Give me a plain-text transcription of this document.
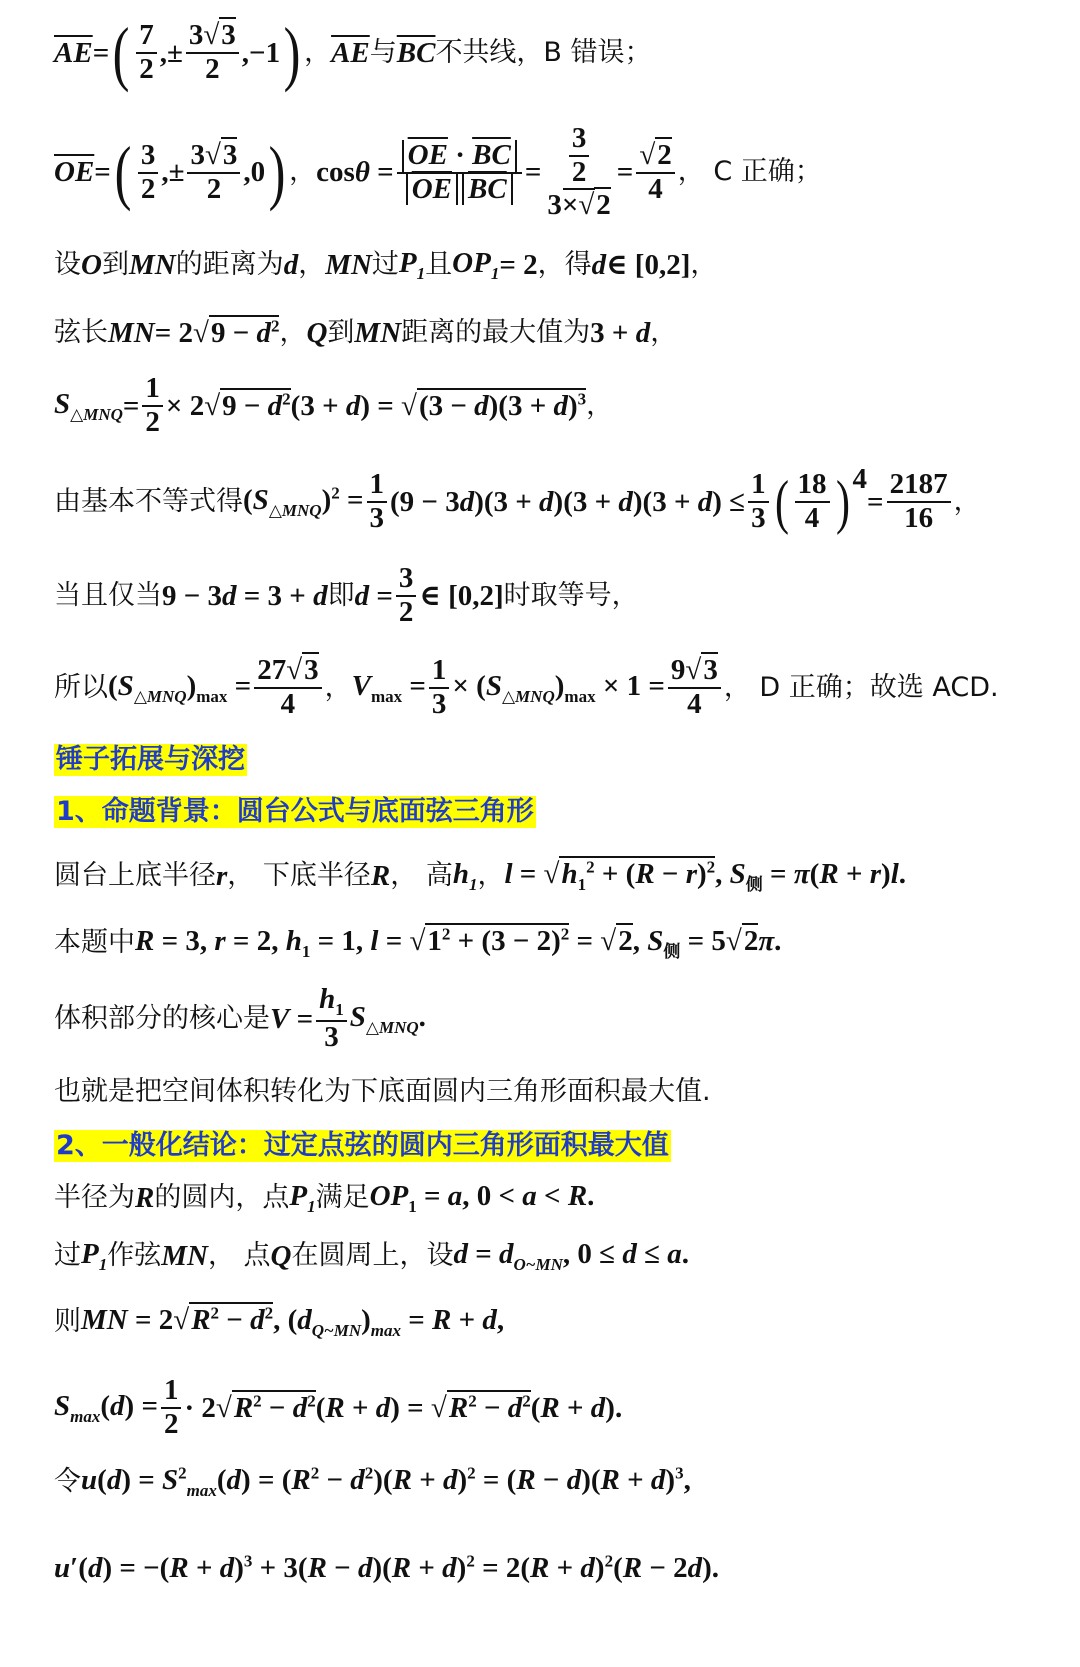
$\overline{AE}$ = ( $\frac{7}{2}$ ,± $\frac{3√3}{2} ,-1$ ) ， $\overline{AE}$ 与 $\overline{BC}$ 不共线，B 错误；
$\overline{OE}$ = ( $\frac{3}{2}$ ,± $\frac{3√3}{2} ,0$ ) ， $\cos\theta = \frac{\overline{OE} \cdot \overline{BC}}{\overline{OE} \overline{BC}} = \frac{\frac{3}{2}}{3\times√2} = \frac{√2}{4}$ ， C 正确；
设 O 到 MN 的距离为 d ， MN 过 $P_1$ 且 $OP_1 = 2$ ，得 d ∈ [0,2] ，
弦长 MN = $2√9 - d^2$ ， Q 到 MN 距离的最大值为 3 + d ，
$S_{\triangle MNQ} = \frac{1}{2} \times 2√9 - d^2(3 + d) = √(3 - d)(3 + d)^3$ ，
由基本不等式得 $(S_{\triangle MNQ})^2 = \frac{1}{3} (9 - 3d)(3 + d)(3 + d)(3 + d) \le \frac{1}{3}$ ( $\frac{18}{4}$ ) 4
= $\frac{2187}{16}$ ，
当且仅当 9 − 3d = 3 + d 即 $d = \frac{3}{2}$ ∈ [0,2] 时取等号，
所以 $(S_{\triangle MNQ})_{max} = \frac{27√3}{4}$ ， $V_{max} = \frac{1}{3} \times (S_{\triangle MNQ})_{max} \times 1 = \frac{9√3}{4}$ ， D 正确；故选 ACD.
锤子拓展与深挖
1、命题背景：圆台公式与底面弦三角形
圆台上底半径 r ， 下底半径 R ， 高 $h_1$ ， $l = √h_1^2 + (R - r)^2$, $S_侧 = \pi(R + r)l$.
本题中 R = 3, r = 2, $h_1 = 1$, $l = √1^2 + (3 - 2)^2 = √2$, $S_侧 = 5√2\pi$.
体积部分的核心是 $V = \frac{h_1}{3} S_{\triangle MNQ}$.
也就是把空间体积转化为下底面圆内三角形面积最大值.
2、一般化结论：过定点弦的圆内三角形面积最大值
半径为 R 的圆内，点 $P_1$ 满足 $OP_1 = a$, 0 < a < R.
过 $P_1$ 作弦 MN ， 点 Q 在圆周上，设 $d = d_{O\sim MN}$, 0 ≤ d ≤ a.
则 MN = $2√R^2 - d^2$, $(d_{Q\sim MN})_{max} = R + d$,
$S_{max}(d) = \frac{1}{2} \cdot 2√R^2 - d^2(R + d) = √R^2 - d^2(R + d)$.
令 $u(d) = S^2_{max}(d) = (R^2 - d^2)(R + d)^2 = (R - d)(R + d)^3$,
$u'(d) = -(R + d)^3 + 3(R - d)(R + d)^2 = 2(R + d)^2(R - 2d)$.
